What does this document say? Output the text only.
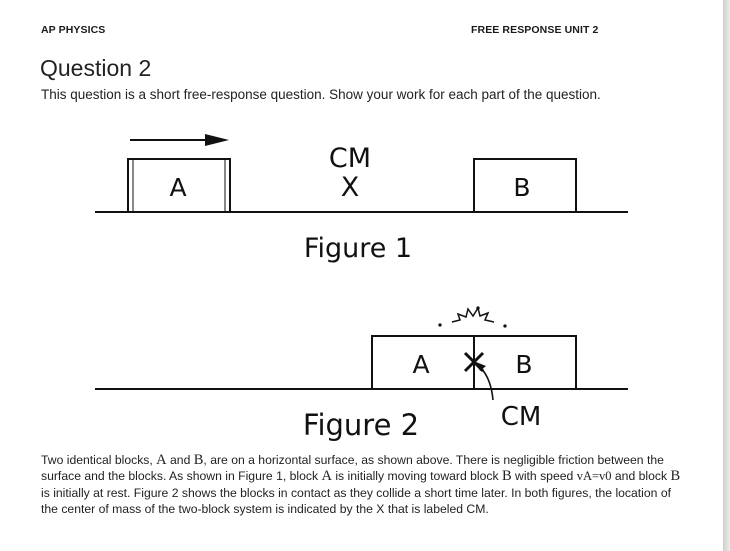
AP PHYSICS	FREE RESPONSE UNIT 2
Question 2
This question is a short free-response question. Show your work for each part of the question.
A	B
CM
X
Figure 1
A	B
CM
Figure 2
Two identical blocks, A and B, are on a horizontal surface, as shown above. There is negligible friction between the surface and the blocks. As shown in Figure 1, block A is initially moving toward block B with speed vA=v0 and block B is initially at rest. Figure 2 shows the blocks in contact as they collide a short time later. In both figures, the location of the center of mass of the two-block system is indicated by the X that is labeled CM.
